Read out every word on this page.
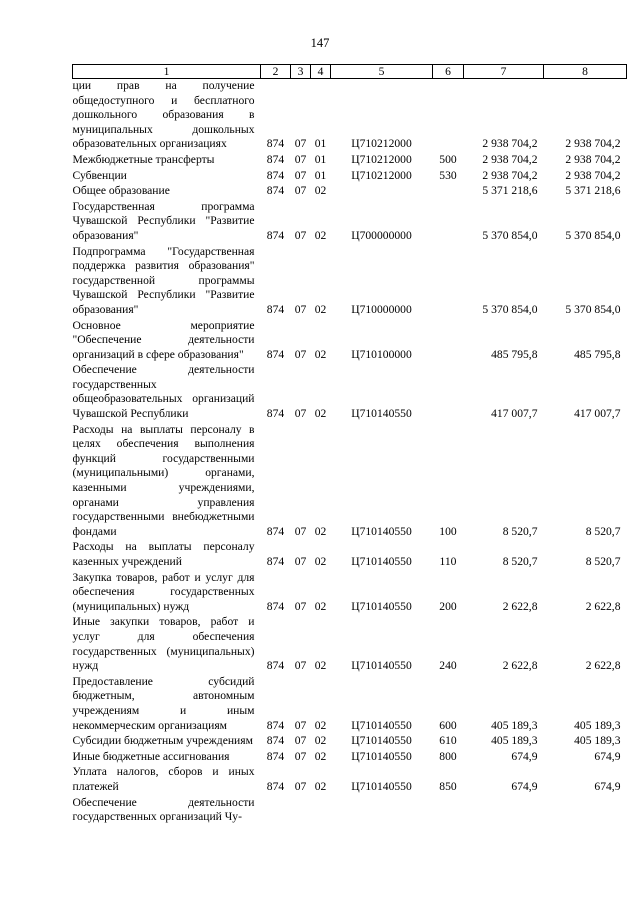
147
1	2	3	4	5	6	7	8
ции прав на получение общедоступного и бесплатного дошкольного образования в муниципальных дошкольных образовательных организациях	874	07	01	Ц710212000		2 938 704,2	2 938 704,2
Межбюджетные трансферты	874	07	01	Ц710212000	500	2 938 704,2	2 938 704,2
Субвенции	874	07	01	Ц710212000	530	2 938 704,2	2 938 704,2
Общее образование	874	07	02			5 371 218,6	5 371 218,6
Государственная программа Чувашской Республики "Развитие образования"	874	07	02	Ц700000000		5 370 854,0	5 370 854,0
Подпрограмма "Государственная поддержка развития образования" государственной программы Чувашской Республики "Развитие образования"	874	07	02	Ц710000000		5 370 854,0	5 370 854,0
Основное мероприятие "Обеспечение деятельности организаций в сфере образования"	874	07	02	Ц710100000		485 795,8	485 795,8
Обеспечение деятельности государственных общеобразовательных организаций Чувашской Республики	874	07	02	Ц710140550		417 007,7	417 007,7
Расходы на выплаты персоналу в целях обеспечения выполнения функций государственными (муниципальными) органами, казенными учреждениями, органами управления государственными внебюджетными фондами	874	07	02	Ц710140550	100	8 520,7	8 520,7
Расходы на выплаты персоналу казенных учреждений	874	07	02	Ц710140550	110	8 520,7	8 520,7
Закупка товаров, работ и услуг для обеспечения государственных (муниципальных) нужд	874	07	02	Ц710140550	200	2 622,8	2 622,8
Иные закупки товаров, работ и услуг для обеспечения государственных (муниципальных) нужд	874	07	02	Ц710140550	240	2 622,8	2 622,8
Предоставление субсидий бюджетным, автономным учреждениям и иным некоммерческим организациям	874	07	02	Ц710140550	600	405 189,3	405 189,3
Субсидии бюджетным учреждениям	874	07	02	Ц710140550	610	405 189,3	405 189,3
Иные бюджетные ассигнования	874	07	02	Ц710140550	800	674,9	674,9
Уплата налогов, сборов и иных платежей	874	07	02	Ц710140550	850	674,9	674,9
Обеспечение деятельности государственных организаций Чу-							
